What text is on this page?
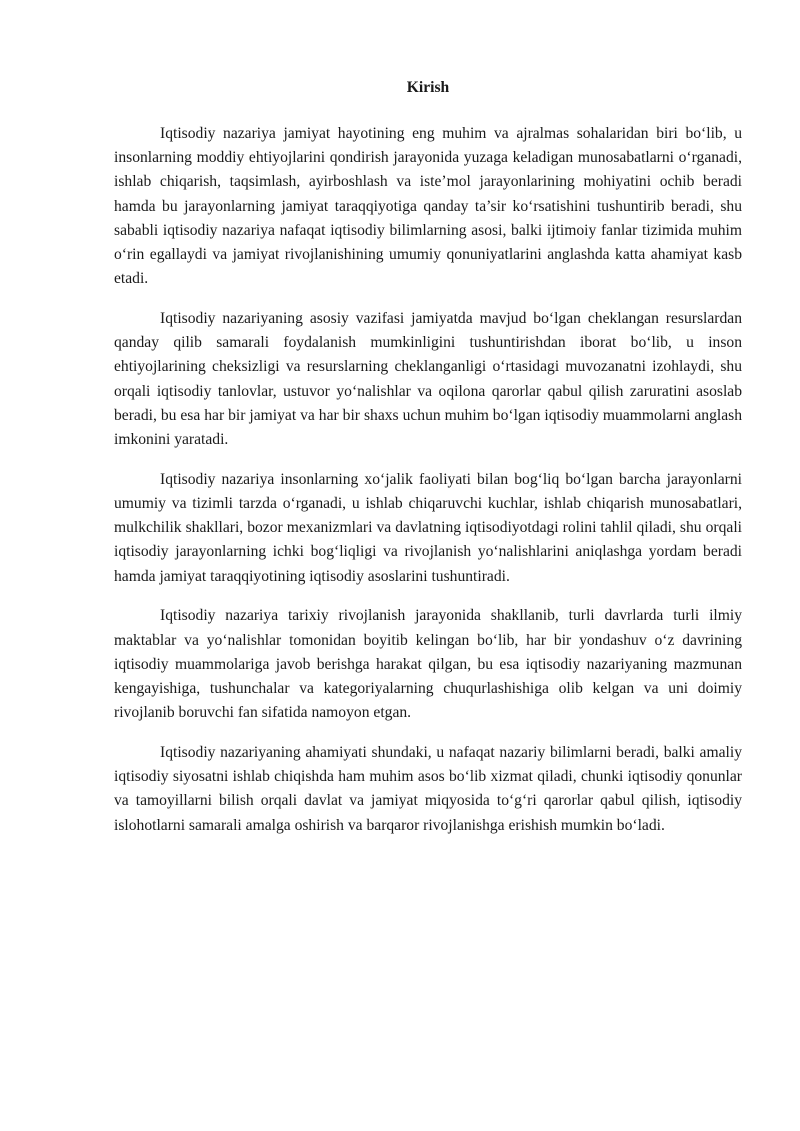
Kirish

Iqtisodiy nazariya jamiyat hayotining eng muhim va ajralmas sohalaridan biri bo‘lib, u insonlarning moddiy ehtiyojlarini qondirish jarayonida yuzaga keladigan munosabatlarni o‘rganadi, ishlab chiqarish, taqsimlash, ayirboshlash va iste’mol jarayonlarining mohiyatini ochib beradi hamda bu jarayonlarning jamiyat taraqqiyotiga qanday ta’sir ko‘rsatishini tushuntirib beradi, shu sababli iqtisodiy nazariya nafaqat iqtisodiy bilimlarning asosi, balki ijtimoiy fanlar tizimida muhim o‘rin egallaydi va jamiyat rivojlanishining umumiy qonuniyatlarini anglashda katta ahamiyat kasb etadi.

Iqtisodiy nazariyaning asosiy vazifasi jamiyatda mavjud bo‘lgan cheklangan resurslardan qanday qilib samarali foydalanish mumkinligini tushuntirishdan iborat bo‘lib, u inson ehtiyojlarining cheksizligi va resurslarning cheklanganligi o‘rtasidagi muvozanatni izohlaydi, shu orqali iqtisodiy tanlovlar, ustuvor yo‘nalishlar va oqilona qarorlar qabul qilish zaruratini asoslab beradi, bu esa har bir jamiyat va har bir shaxs uchun muhim bo‘lgan iqtisodiy muammolarni anglash imkonini yaratadi.

Iqtisodiy nazariya insonlarning xo‘jalik faoliyati bilan bog‘liq bo‘lgan barcha jarayonlarni umumiy va tizimli tarzda o‘rganadi, u ishlab chiqaruvchi kuchlar, ishlab chiqarish munosabatlari, mulkchilik shakllari, bozor mexanizmlari va davlatning iqtisodiyotdagi rolini tahlil qiladi, shu orqali iqtisodiy jarayonlarning ichki bog‘liqligi va rivojlanish yo‘nalishlarini aniqlashga yordam beradi hamda jamiyat taraqqiyotining iqtisodiy asoslarini tushuntiradi.

Iqtisodiy nazariya tarixiy rivojlanish jarayonida shakllanib, turli davrlarda turli ilmiy maktablar va yo‘nalishlar tomonidan boyitib kelingan bo‘lib, har bir yondashuv o‘z davrining iqtisodiy muammolariga javob berishga harakat qilgan, bu esa iqtisodiy nazariyaning mazmunan kengayishiga, tushunchalar va kategoriyalarning chuqurlashishiga olib kelgan va uni doimiy rivojlanib boruvchi fan sifatida namoyon etgan.

Iqtisodiy nazariyaning ahamiyati shundaki, u nafaqat nazariy bilimlarni beradi, balki amaliy iqtisodiy siyosatni ishlab chiqishda ham muhim asos bo‘lib xizmat qiladi, chunki iqtisodiy qonunlar va tamoyillarni bilish orqali davlat va jamiyat miqyosida to‘g‘ri qarorlar qabul qilish, iqtisodiy islohotlarni samarali amalga oshirish va barqaror rivojlanishga erishish mumkin bo‘ladi.
